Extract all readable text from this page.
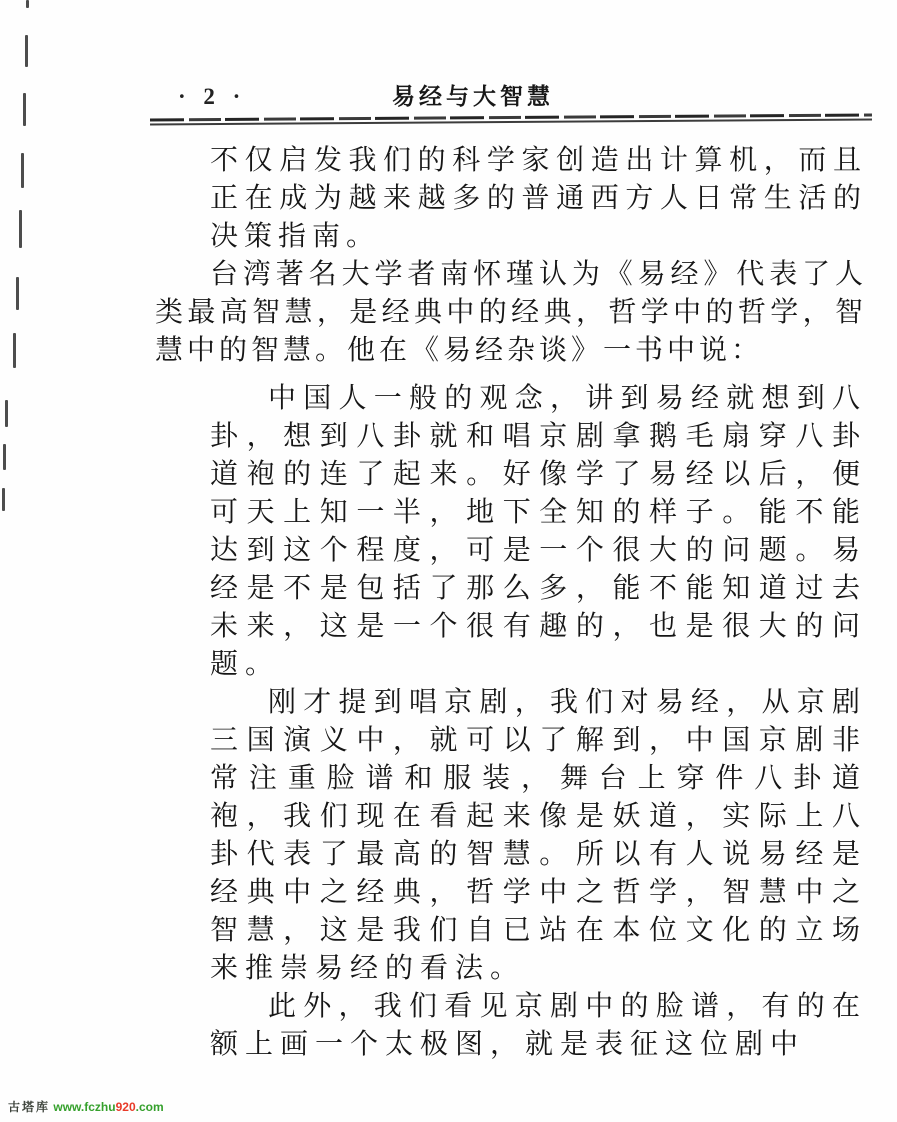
· 2 ·	易经与大智慧

不仅启发我们的科学家创造出计算机，而且正在成为越来越多的普通西方人日常生活的决策指南。

台湾著名大学者南怀瑾认为《易经》代表了人类最高智慧，是经典中的经典，哲学中的哲学，智慧中的智慧。他在《易经杂谈》一书中说：

中国人一般的观念，讲到易经就想到八卦，想到八卦就和唱京剧拿鹅毛扇穿八卦道袍的连了起来。好像学了易经以后，便可天上知一半，地下全知的样子。能不能达到这个程度，可是一个很大的问题。易经是不是包括了那么多，能不能知道过去未来，这是一个很有趣的，也是很大的问题。

刚才提到唱京剧，我们对易经，从京剧三国演义中，就可以了解到，中国京剧非常注重脸谱和服装，舞台上穿件八卦道袍，我们现在看起来像是妖道，实际上八卦代表了最高的智慧。所以有人说易经是经典中之经典，哲学中之哲学，智慧中之智慧，这是我们自已站在本位文化的立场来推崇易经的看法。

此外，我们看见京剧中的脸谱，有的在额上画一个太极图，就是表征这位剧中

古塔库 www.fczhu920.com
